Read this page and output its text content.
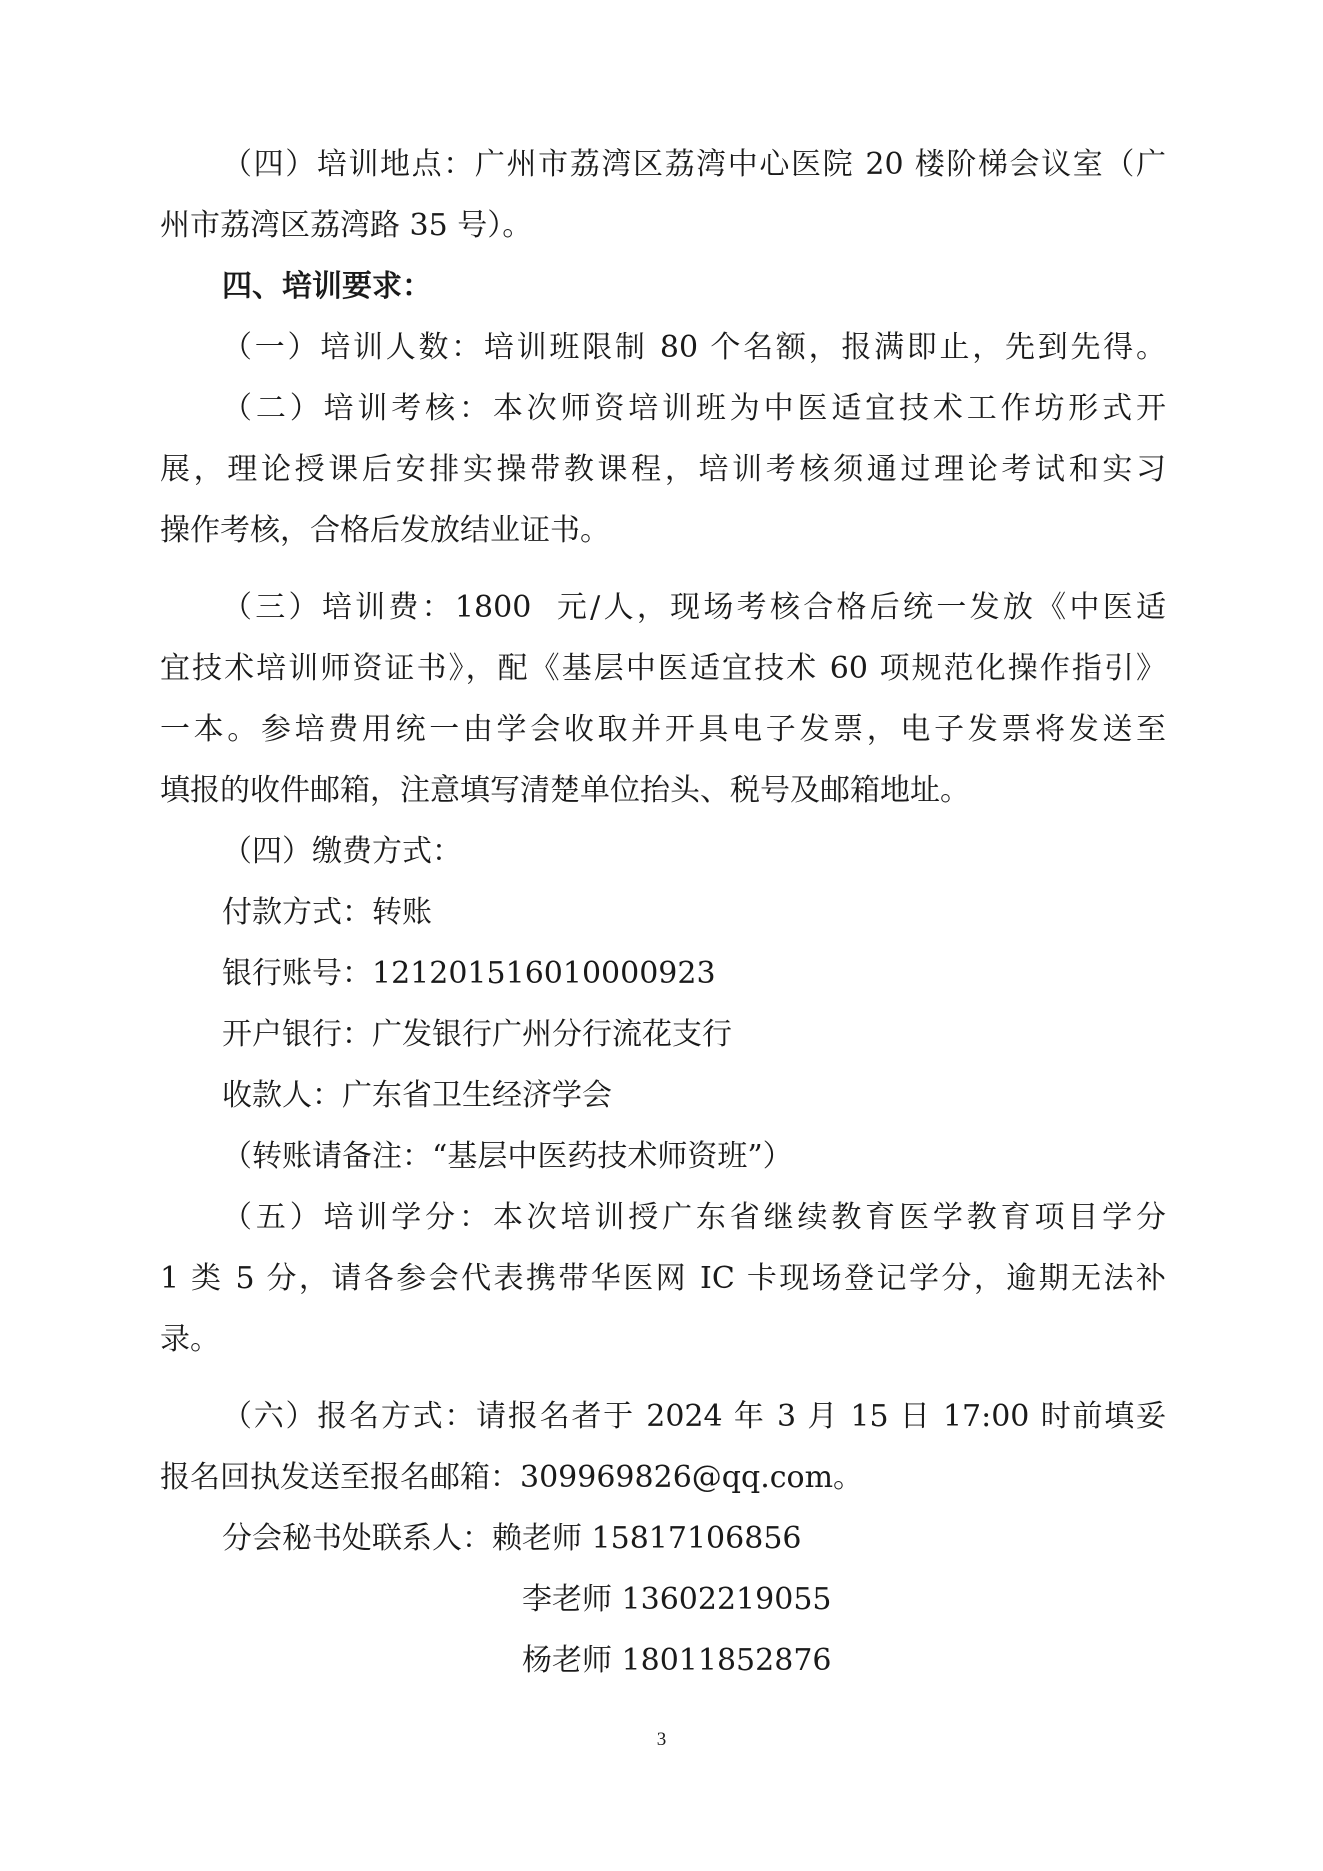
（四）培训地点：广州市荔湾区荔湾中心医院 20 楼阶梯会议室（广
州市荔湾区荔湾路 35 号）。
四、培训要求：
（一）培训人数：培训班限制 80 个名额，报满即止，先到先得。
（二）培训考核：本次师资培训班为中医适宜技术工作坊形式开
展，理论授课后安排实操带教课程，培训考核须通过理论考试和实习
操作考核，合格后发放结业证书。
（三）培训费：1800  元/人，现场考核合格后统一发放《中医适
宜技术培训师资证书》，配《基层中医适宜技术 60 项规范化操作指引》
一本。参培费用统一由学会收取并开具电子发票，电子发票将发送至
填报的收件邮箱，注意填写清楚单位抬头、税号及邮箱地址。
（四）缴费方式：
付款方式：转账
银行账号：121201516010000923
开户银行：广发银行广州分行流花支行
收款人：广东省卫生经济学会
（转账请备注：“基层中医药技术师资班”）
（五）培训学分：本次培训授广东省继续教育医学教育项目学分
1 类 5 分，请各参会代表携带华医网 IC 卡现场登记学分，逾期无法补
录。
（六）报名方式：请报名者于 2024 年 3 月 15 日 17:00 时前填妥
报名回执发送至报名邮箱：309969826@qq.com。
分会秘书处联系人：赖老师 15817106856
李老师 13602219055
杨老师 18011852876
3
